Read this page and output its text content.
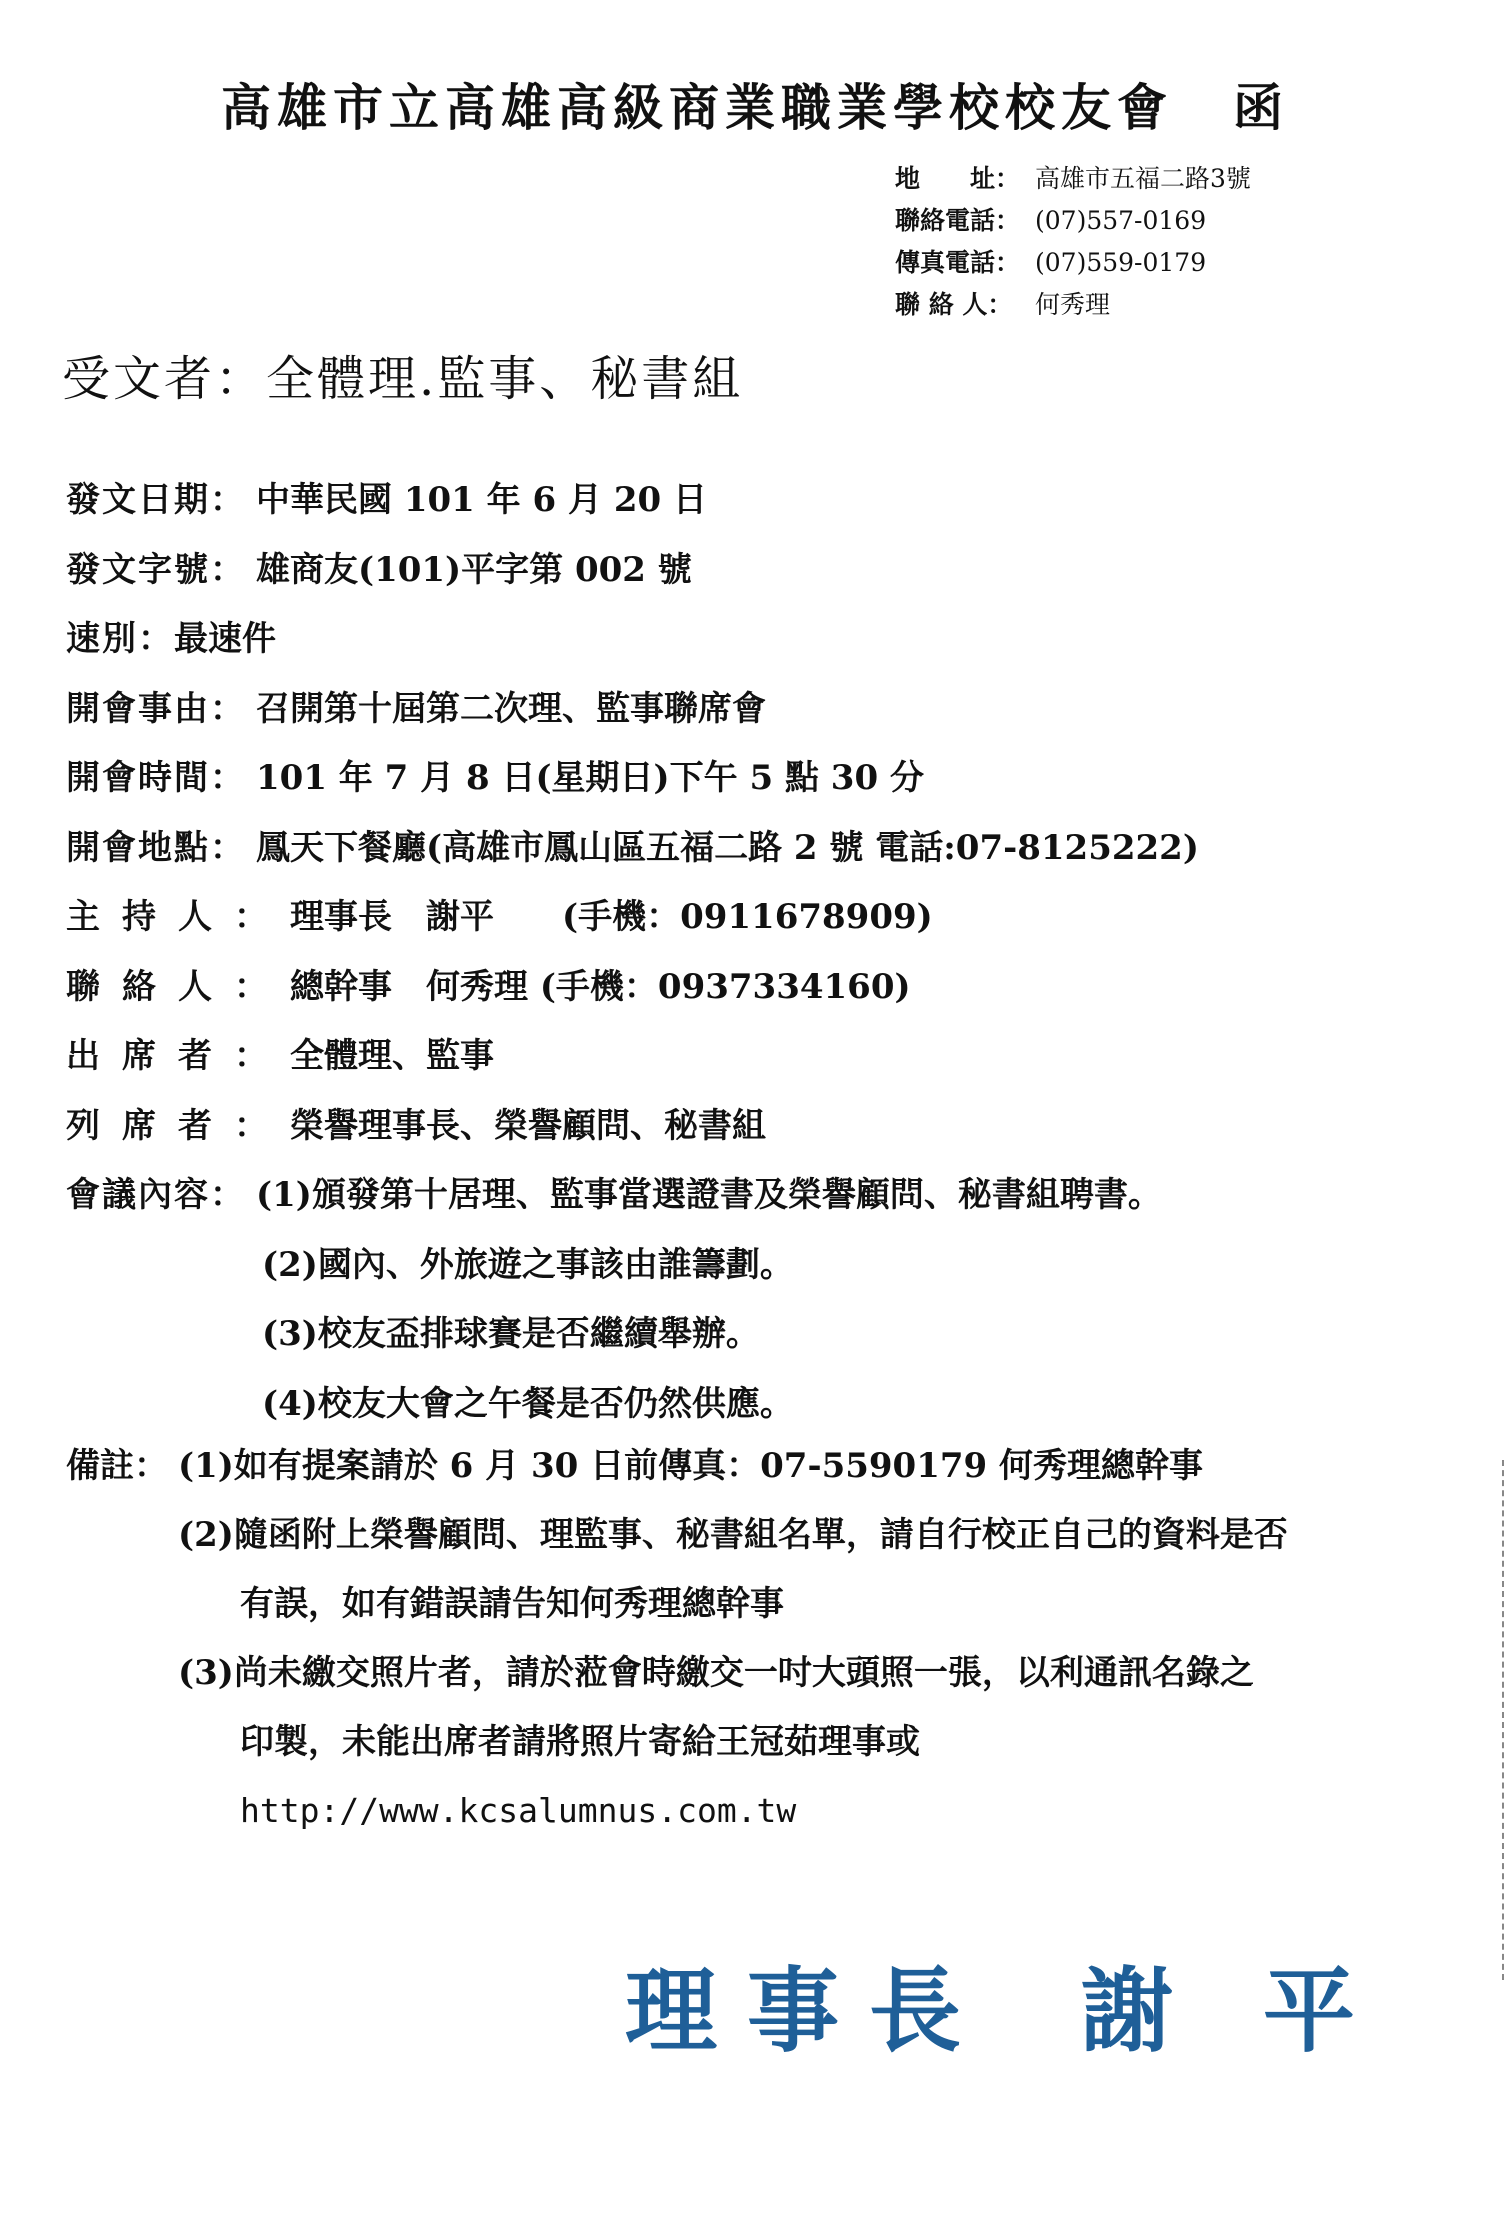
高雄市立高雄高級商業職業學校校友會 函
地　　址： 高雄市五福二路3號
聯絡電話： (07)557-0169
傳真電話： (07)559-0179
聯 絡 人： 何秀理
受文者：全體理.監事、秘書組
發文日期： 中華民國 101 年 6 月 20 日
發文字號： 雄商友(101)平字第 002 號
速別：最速件
開會事由： 召開第十屆第二次理、監事聯席會
開會時間： 101 年 7 月 8 日(星期日)下午 5 點 30 分
開會地點： 鳳天下餐廳(高雄市鳳山區五福二路 2 號 電話:07-8125222)
主持人：理事長　謝平　　(手機：0911678909)
聯絡人：總幹事　何秀理 (手機：0937334160)
出席者：全體理、監事
列席者：榮譽理事長、榮譽顧問、秘書組
會議內容： (1)頒發第十居理、監事當選證書及榮譽顧問、秘書組聘書。
(2)國內、外旅遊之事該由誰籌劃。
(3)校友盃排球賽是否繼續舉辦。
(4)校友大會之午餐是否仍然供應。
備註： (1)如有提案請於 6 月 30 日前傳真：07-5590179 何秀理總幹事
(2)隨函附上榮譽顧問、理監事、秘書組名單，請自行校正自己的資料是否
有誤，如有錯誤請告知何秀理總幹事
(3)尚未繳交照片者，請於蒞會時繳交一吋大頭照一張，以利通訊名錄之
印製，未能出席者請將照片寄給王冠茹理事或
http://www.kcsalumnus.com.tw
理事長 謝平
